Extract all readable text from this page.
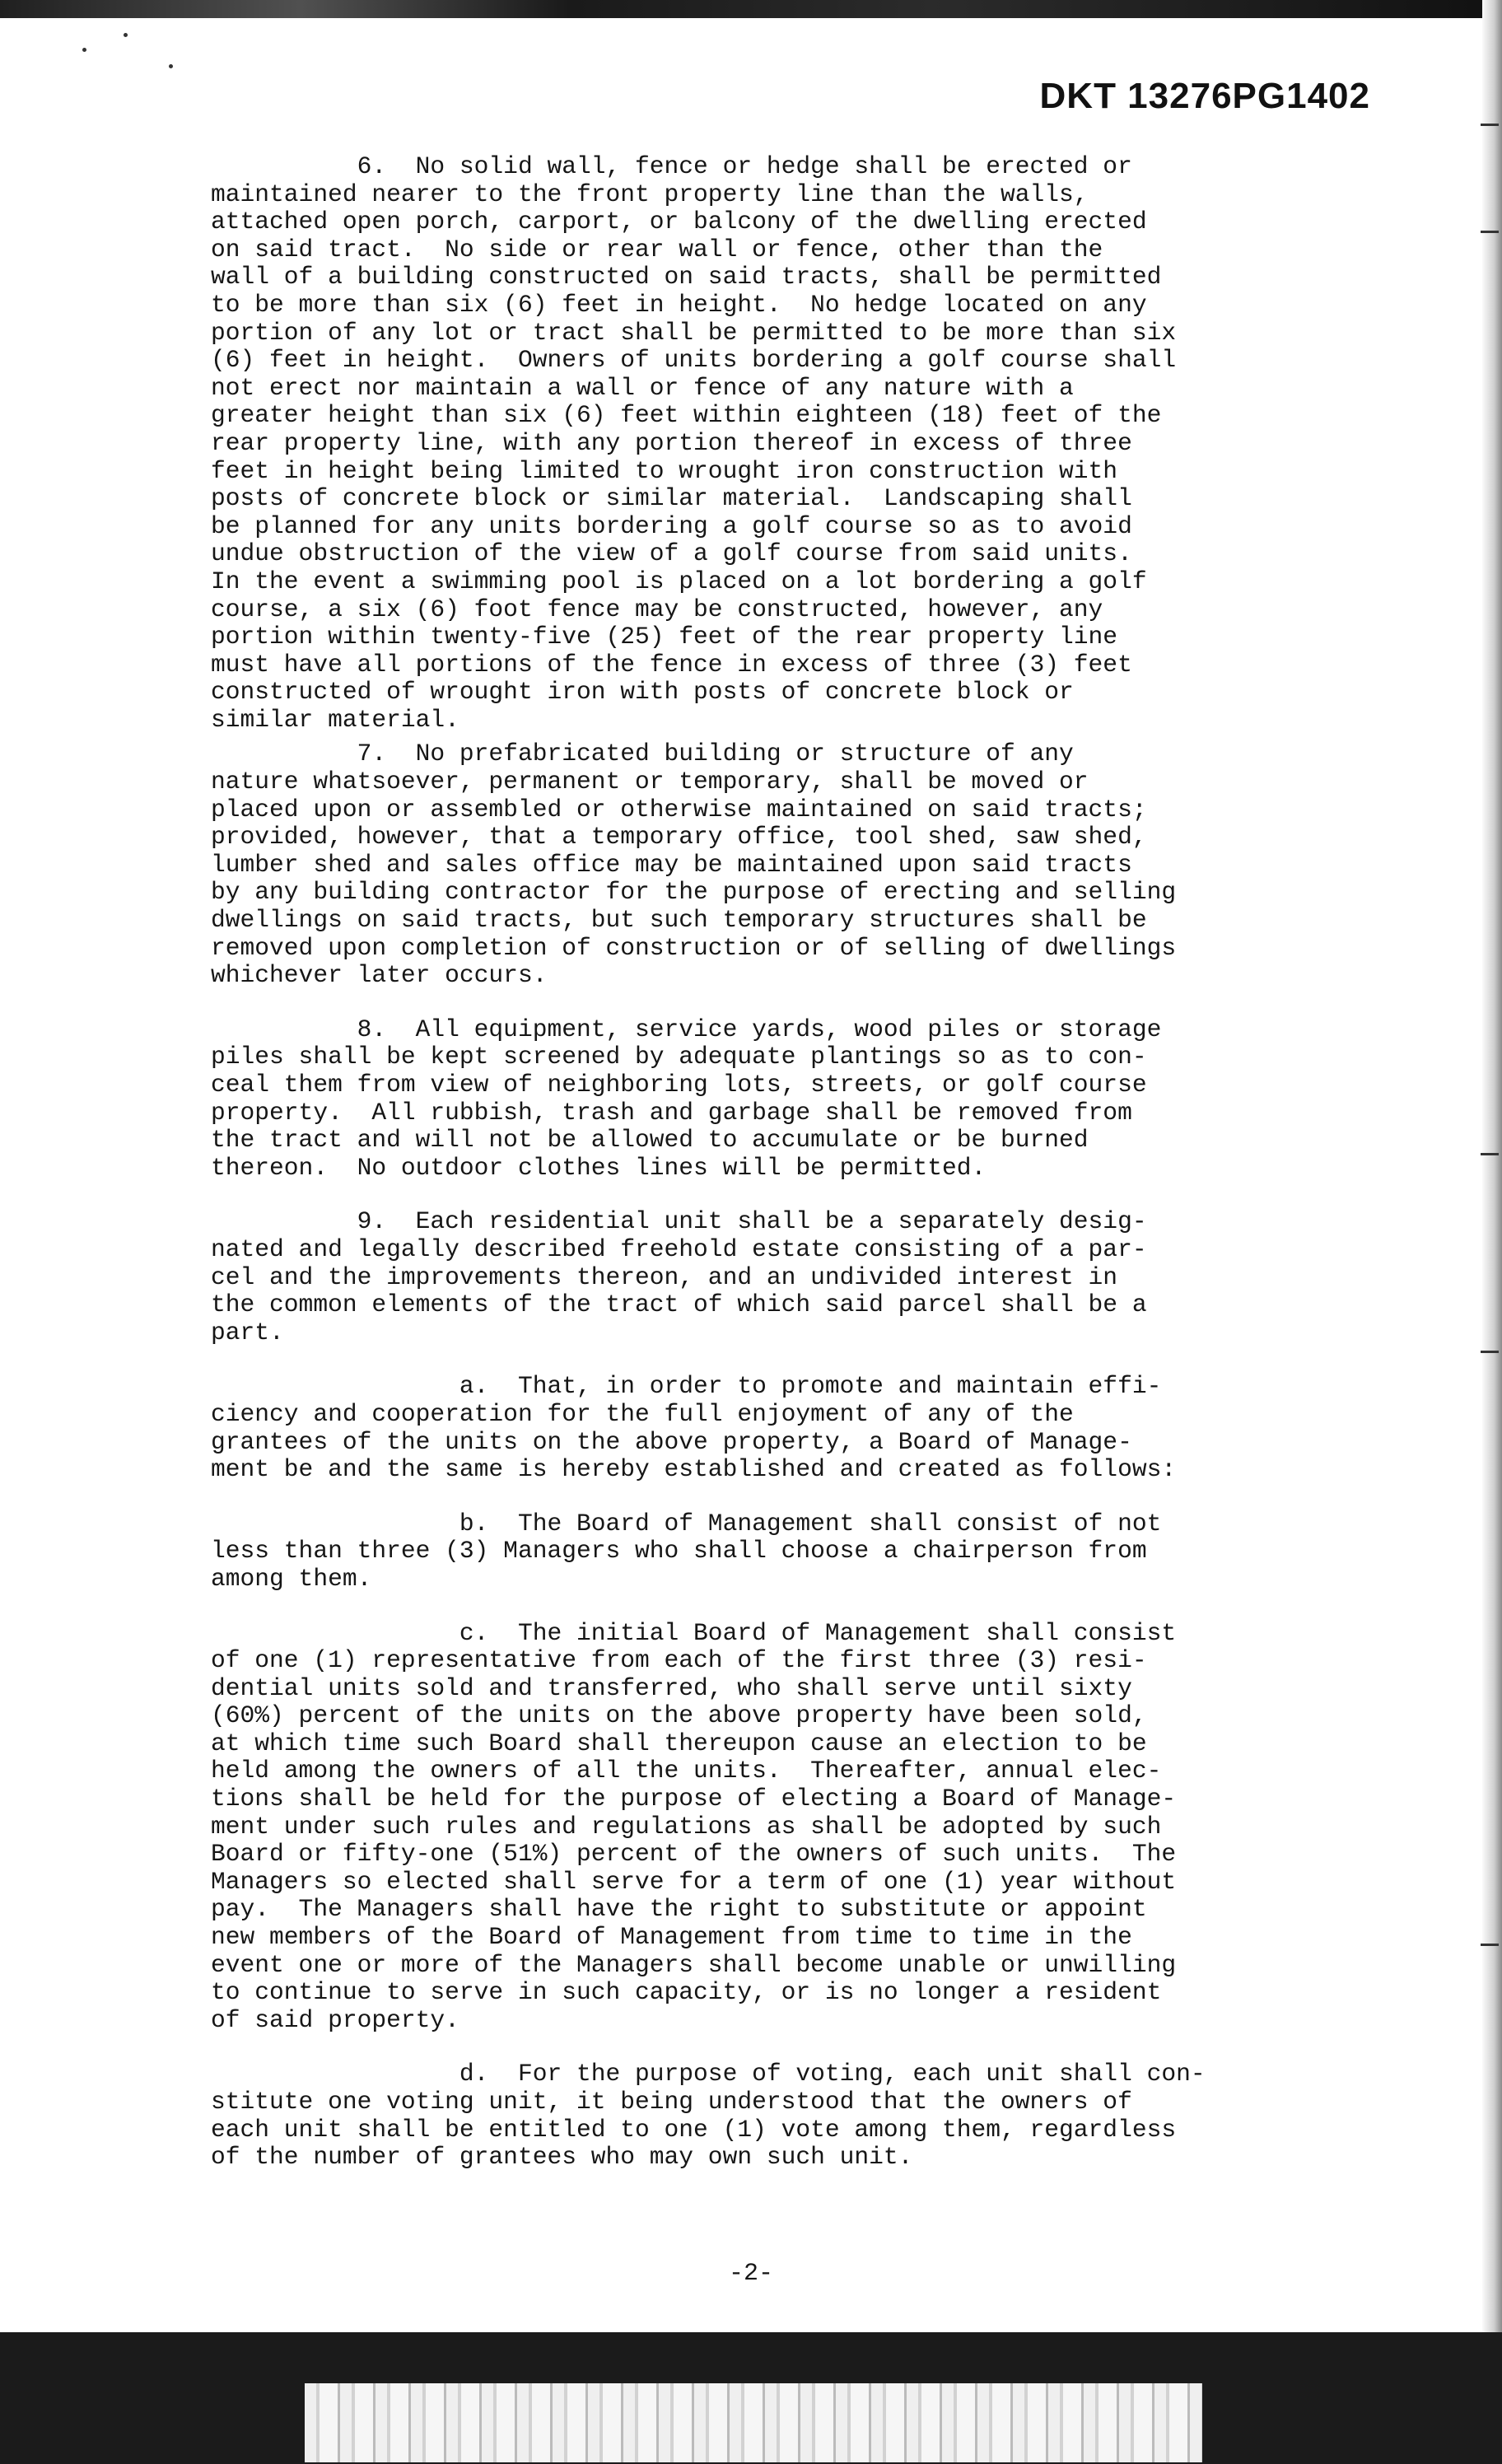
DKT 13276PG1402
6.  No solid wall, fence or hedge shall be erected or
maintained nearer to the front property line than the walls,
attached open porch, carport, or balcony of the dwelling erected
on said tract.  No side or rear wall or fence, other than the
wall of a building constructed on said tracts, shall be permitted
to be more than six (6) feet in height.  No hedge located on any
portion of any lot or tract shall be permitted to be more than six
(6) feet in height.  Owners of units bordering a golf course shall
not erect nor maintain a wall or fence of any nature with a
greater height than six (6) feet within eighteen (18) feet of the
rear property line, with any portion thereof in excess of three
feet in height being limited to wrought iron construction with
posts of concrete block or similar material.  Landscaping shall
be planned for any units bordering a golf course so as to avoid
undue obstruction of the view of a golf course from said units.
In the event a swimming pool is placed on a lot bordering a golf
course, a six (6) foot fence may be constructed, however, any
portion within twenty-five (25) feet of the rear property line
must have all portions of the fence in excess of three (3) feet
constructed of wrought iron with posts of concrete block or
similar material.
7.  No prefabricated building or structure of any
nature whatsoever, permanent or temporary, shall be moved or
placed upon or assembled or otherwise maintained on said tracts;
provided, however, that a temporary office, tool shed, saw shed,
lumber shed and sales office may be maintained upon said tracts
by any building contractor for the purpose of erecting and selling
dwellings on said tracts, but such temporary structures shall be
removed upon completion of construction or of selling of dwellings
whichever later occurs.
8.  All equipment, service yards, wood piles or storage
piles shall be kept screened by adequate plantings so as to con-
ceal them from view of neighboring lots, streets, or golf course
property.  All rubbish, trash and garbage shall be removed from
the tract and will not be allowed to accumulate or be burned
thereon.  No outdoor clothes lines will be permitted.
9.  Each residential unit shall be a separately desig-
nated and legally described freehold estate consisting of a par-
cel and the improvements thereon, and an undivided interest in
the common elements of the tract of which said parcel shall be a
part.
a.  That, in order to promote and maintain effi-
ciency and cooperation for the full enjoyment of any of the
grantees of the units on the above property, a Board of Manage-
ment be and the same is hereby established and created as follows:
b.  The Board of Management shall consist of not
less than three (3) Managers who shall choose a chairperson from
among them.
c.  The initial Board of Management shall consist
of one (1) representative from each of the first three (3) resi-
dential units sold and transferred, who shall serve until sixty
(60%) percent of the units on the above property have been sold,
at which time such Board shall thereupon cause an election to be
held among the owners of all the units.  Thereafter, annual elec-
tions shall be held for the purpose of electing a Board of Manage-
ment under such rules and regulations as shall be adopted by such
Board or fifty-one (51%) percent of the owners of such units.  The
Managers so elected shall serve for a term of one (1) year without
pay.  The Managers shall have the right to substitute or appoint
new members of the Board of Management from time to time in the
event one or more of the Managers shall become unable or unwilling
to continue to serve in such capacity, or is no longer a resident
of said property.
d.  For the purpose of voting, each unit shall con-
stitute one voting unit, it being understood that the owners of
each unit shall be entitled to one (1) vote among them, regardless
of the number of grantees who may own such unit.
-2-
